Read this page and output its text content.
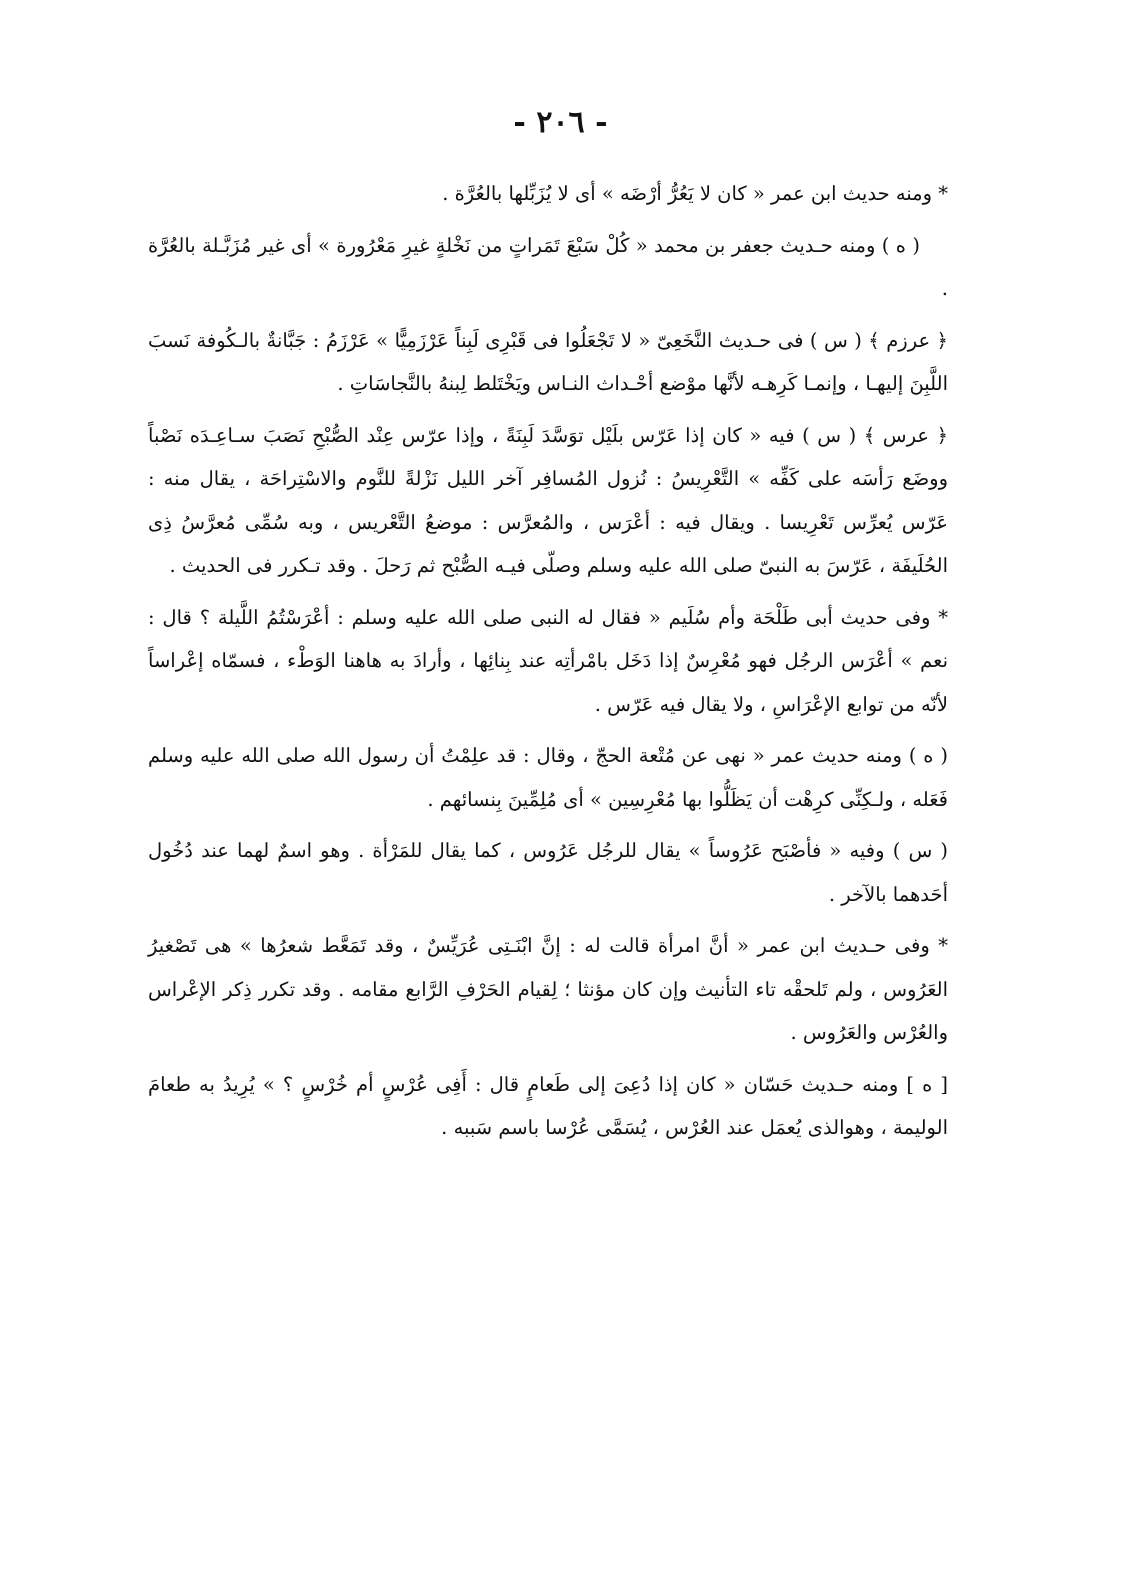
- ٢٠٦ -

* ومنه حديث ابن عمر « كان لا يَعُرُّ أرْضَه » أى لا يُزَبِّلها بالعُرَّة .

( ه ) ومنه حـديث جعفر بن محمد « كُلْ سَبْعَ تَمَراتٍ من نَخْلةٍ غيرِ مَعْرُورة » أى غير مُزَبَّـلة بالعُرَّة .

﴿ عرزم ﴾ ( س ) فى حـديث النَّخَعِىّ « لا تَجْعَلُوا فى قَبْرِى لَبِناً عَرْزَمِيًّا » عَرْزَمُ : جَبَّانةٌ بالـكُوفة نَسبَ اللَّبِنَ إليهـا ، وإنمـا كَرِهـه لأنَّها موْضع أحْـداث النـاس ويَخْتَلط لِبنهُ بالنَّجاسَاتِ .

﴿ عرس ﴾ ( س ) فيه « كان إذا عَرّس بلَيْل توَسَّدَ لَبِنَةً ، وإذا عرّس عِنْد الصُّبْحِ نَصَبَ سـاعِـدَه نَصْباً ووضَع رَأسَه على كَفِّه » التَّعْرِيسُ : نُزول المُسافِر آخر الليل نَزْلةً للنَّوم والاسْتِراحَة ، يقال منه : عَرّس يُعرِّس تَعْرِيسا . ويقال فيه : أعْرَس ، والمُعرَّس : موضعُ التَّعْريس ، وبه سُمِّى مُعرَّسُ ذِى الحُلَيفَة ، عَرّسَ به النبىّ صلى الله عليه وسلم وصلّى فيـه الصُّبْح ثم رَحلَ . وقد تـكرر فى الحديث .

* وفى حديث أبى طَلْحَة وأم سُلَيم « فقال له النبى صلى الله عليه وسلم : أعْرَسْتُمُ اللَّيلة ؟ قال : نعم » أعْرَس الرجُل فهو مُعْرِسٌ إذا دَخَل بامْرأتِه عند بِنائِها ، وأرادَ به هاهنا الوَطْء ، فسمّاه إعْراساً لأنّه من توابع الإعْرَاسِ ، ولا يقال فيه عَرّس .

( ه ) ومنه حديث عمر « نهى عن مُتْعة الحجّ ، وقال : قد علِمْتُ أن رسول الله صلى الله عليه وسلم فَعَله ، ولـكِنِّى كرِهْت أن يَظَلُّوا بها مُعْرِسِين » أى مُلِمِّينَ بِنسائهم .

( س ) وفيه « فأصْبَح عَرُوساً » يقال للرجُل عَرُوس ، كما يقال للمَرْأة . وهو اسمٌ لهما عند دُخُول أحَدهما بالآخر .

* وفى حـديث ابن عمر « أنَّ امرأة قالت له : إنَّ ابْنَـتِى عُرَيِّسٌ ، وقد تَمَعَّط شعرُها » هى تَصْغيرُ العَرُوس ، ولم تَلحقْه تاء التأنيث وإن كان مؤنثا ؛ لِقيام الحَرْفِ الرَّابع مقامه . وقد تكرر ذِكر الإعْراس والعُرْس والعَرُوس .

[ ه ] ومنه حـديث حَسّان « كان إذا دُعِىَ إلى طَعامٍ قال : أَفِى عُرْسٍ أم خُرْسٍ ؟ » يُرِيدُ به طعامَ الوليمة ، وهوالذى يُعمَل عند العُرْس ، يُسَمَّى عُرْسا باسم سَببه .
